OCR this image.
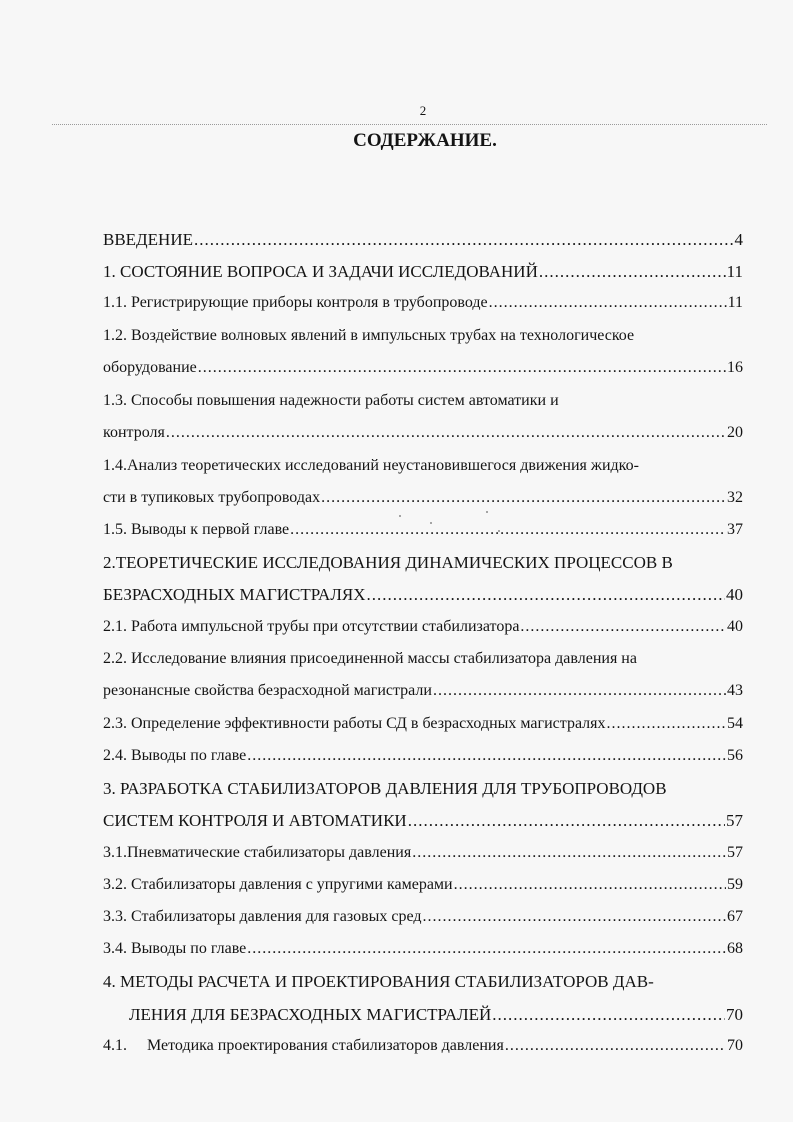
2
СОДЕРЖАНИЕ.
ВВЕДЕНИЕ .....	4
1. СОСТОЯНИЕ ВОПРОСА И ЗАДАЧИ ИССЛЕДОВАНИЙ .....	11
1.1. Регистрирующие приборы контроля в трубопроводе .....	11
1.2. Воздействие волновых явлений в импульсных трубах на технологическое
оборудование .....	16
1.3. Способы повышения надежности работы систем автоматики и
контроля .....	20
1.4.Анализ теоретических исследований неустановившегося движения жидко-
сти в тупиковых трубопроводах .....	32
1.5. Выводы к первой главе .....	37
2.ТЕОРЕТИЧЕСКИЕ ИССЛЕДОВАНИЯ ДИНАМИЧЕСКИХ ПРОЦЕССОВ В
БЕЗРАСХОДНЫХ МАГИСТРАЛЯХ .....	40
2.1. Работа импульсной трубы при отсутствии стабилизатора .....	40
2.2. Исследование влияния присоединенной массы стабилизатора давления на
резонансные свойства безрасходной магистрали .....	43
2.3. Определение эффективности работы СД в безрасходных магистралях .....	54
2.4. Выводы по главе .....	56
3. РАЗРАБОТКА СТАБИЛИЗАТОРОВ ДАВЛЕНИЯ ДЛЯ ТРУБОПРОВОДОВ
СИСТЕМ КОНТРОЛЯ И АВТОМАТИКИ .....	57
3.1.Пневматические стабилизаторы давления .....	57
3.2. Стабилизаторы давления с упругими камерами .....	59
3.3. Стабилизаторы давления для газовых сред .....	67
3.4. Выводы по главе .....	68
4. МЕТОДЫ РАСЧЕТА И ПРОЕКТИРОВАНИЯ СТАБИЛИЗАТОРОВ ДАВ-
ЛЕНИЯ ДЛЯ БЕЗРАСХОДНЫХ МАГИСТРАЛЕЙ .....	70
4.1.     Методика проектирования стабилизаторов давления .....	70
